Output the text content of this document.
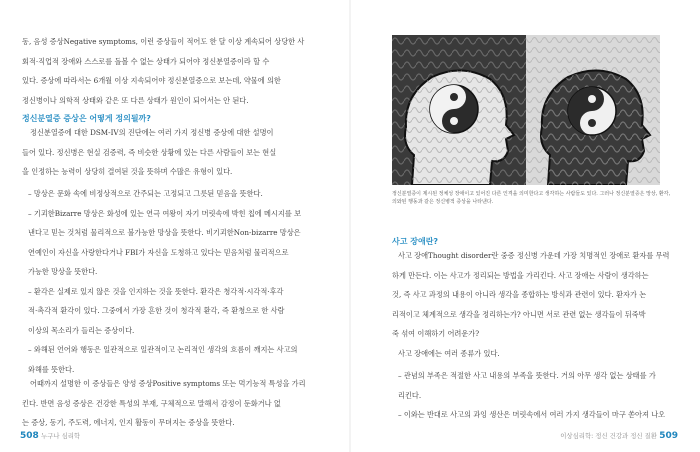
동, 음성 증상Negative symptoms, 이런 증상들이 적어도 한 달 이상 계속되어 상당한 사
회적·직업적 장애와 스스로를 돌볼 수 없는 상태가 되어야 정신분열증이라 할 수
있다. 증상에 따라서는 6개월 이상 지속되어야 정신분열증으로 보는데, 약물에 의한
정신병이나 의학적 상태와 같은 또 다른 상태가 원인이 되어서는 안 된다.
정신분열증 증상은 어떻게 정의될까?
정신분열증에 대한 DSM-IV의 진단에는 여러 가지 정신병 증상에 대한 설명이
들어 있다. 정신병은 현실 검증력, 즉 비슷한 상황에 있는 다른 사람들이 보는 현실
을 인정하는 능력이 상당히 결여된 것을 뜻하며 수많은 유형이 있다.
– 망상은 문화 속에 비정상적으로 간주되는 고정되고 그릇된 믿음을 뜻한다.
– 기괴한Bizarre 망상은 화성에 있는 연극 여왕이 자기 머릿속에 박힌 칩에 메시지를 보
낸다고 믿는 것처럼 물리적으로 불가능한 망상을 뜻한다. 비기괴한Non-bizarre 망상은
연예인이 자신을 사랑한다거나 FBI가 자신을 도청하고 있다는 믿음처럼 물리적으로
가능한 망상을 뜻한다.
– 환각은 실제로 있지 않은 것을 인지하는 것을 뜻한다. 환각은 청각적·시각적·후각
적·촉각적 환각이 있다. 그중에서 가장 흔한 것이 청각적 환각, 즉 환청으로 한 사람
이상의 목소리가 들리는 증상이다.
– 와해된 언어와 행동은 일관적으로 일관적이고 논리적인 생각의 흐름이 깨지는 사고의
와해를 뜻한다.
어때까지 설명한 이 증상들은 양성 증상Positive symptoms 또는 먹기능적 특성을 가리
킨다. 반면 음성 증상은 건강한 특성의 부재, 구체적으로 말해서 감정이 둔화거나 없
는 증상, 동기, 주도력, 에너지, 인지 활동이 무뎌지는 증상을 뜻한다.
508 누구나 심리학
정신분열증이 제시된 정체성 장애이고 있어진 다른 인격을 의미한다고 생각하는 사람들도 있다. 그러나 정신분열증은 망상, 환각,
의와된 행동과 같은 정신병적 증상을 나타낸다.
사고 장애란?
사고 장애Thought disorder란 중증 정신병 가운데 가장 치명적인 장애로 환자를 무력
하게 만든다. 이는 사고가 정리되는 방법을 가리킨다. 사고 장애는 사람이 생각하는
것, 즉 사고 과정의 내용이 아니라 생각을 종합하는 방식과 관련이 있다. 환자가 논
리적이고 체계적으로 생각을 정리하는가? 아니면 서로 관련 없는 생각들이 뒤죽박
죽 섞여 이해하기 어려운가?
사고 장애에는 여러 종류가 있다.
– 관념의 부족은 적절한 사고 내용의 부족을 뜻한다. 거의 아무 생각 없는 상태를 가
리킨다.
– 이와는 반대로 사고의 과잉 생산은 머릿속에서 여러 가지 생각들이 마구 쏟아져 나오
이상심리학: 정신 건강과 정신 질환 509
